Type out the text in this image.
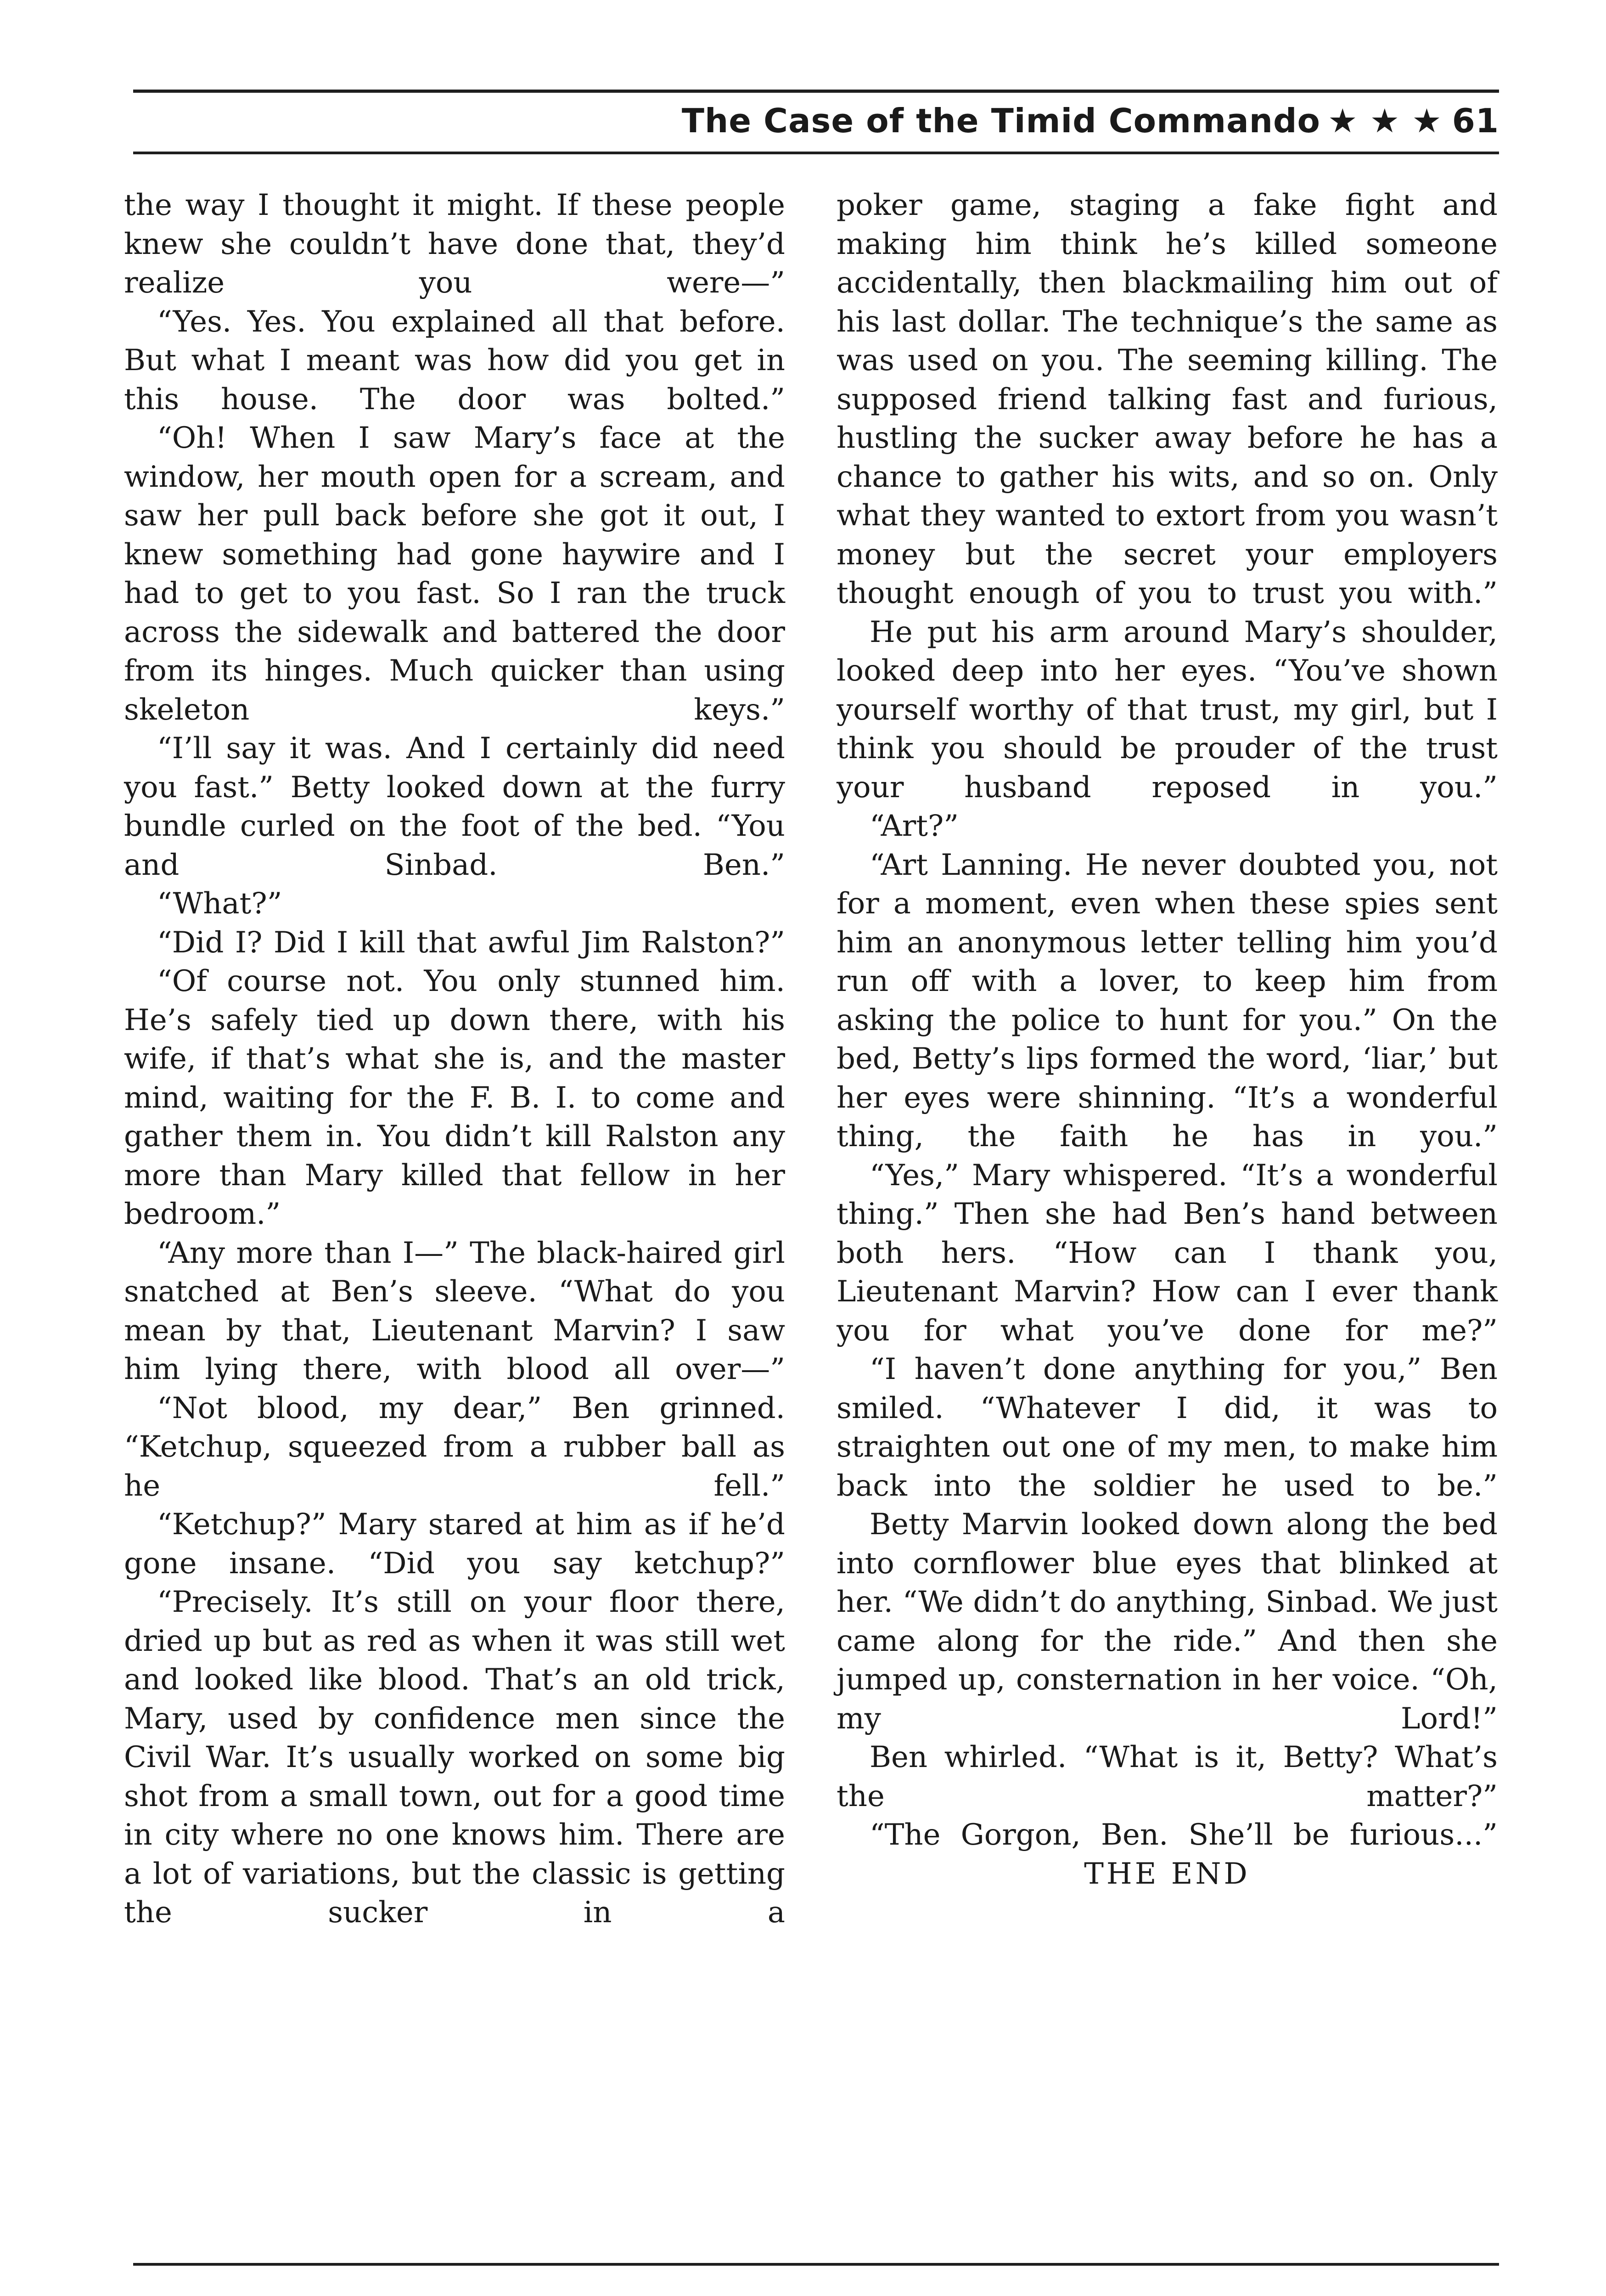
The Case of the Timid Commando ★ ★ ★ 61

the way I thought it might. If these people knew she couldn’t have done that, they’d realize you were—”

“Yes. Yes. You explained all that before. But what I meant was how did you get in this house. The door was bolted.”

“Oh! When I saw Mary’s face at the window, her mouth open for a scream, and saw her pull back before she got it out, I knew something had gone haywire and I had to get to you fast. So I ran the truck across the sidewalk and battered the door from its hinges. Much quicker than using skeleton keys.”

“I’ll say it was. And I certainly did need you fast.” Betty looked down at the furry bundle curled on the foot of the bed. “You and Sinbad. Ben.”

“What?”

“Did I? Did I kill that awful Jim Ralston?”

“Of course not. You only stunned him. He’s safely tied up down there, with his wife, if that’s what she is, and the master mind, waiting for the F. B. I. to come and gather them in. You didn’t kill Ralston any more than Mary killed that fellow in her bedroom.”

“Any more than I—” The black-haired girl snatched at Ben’s sleeve. “What do you mean by that, Lieutenant Marvin? I saw him lying there, with blood all over—”

“Not blood, my dear,” Ben grinned. “Ketchup, squeezed from a rubber ball as he fell.”

“Ketchup?” Mary stared at him as if he’d gone insane. “Did you say ketchup?”

“Precisely. It’s still on your floor there, dried up but as red as when it was still wet and looked like blood. That’s an old trick, Mary, used by confidence men since the Civil War. It’s usually worked on some big shot from a small town, out for a good time in city where no one knows him. There are a lot of variations, but the classic is getting the sucker in a

poker game, staging a fake fight and making him think he’s killed someone accidentally, then blackmailing him out of his last dollar. The technique’s the same as was used on you. The seeming killing. The supposed friend talking fast and furious, hustling the sucker away before he has a chance to gather his wits, and so on. Only what they wanted to extort from you wasn’t money but the secret your employers thought enough of you to trust you with.”

He put his arm around Mary’s shoulder, looked deep into her eyes. “You’ve shown yourself worthy of that trust, my girl, but I think you should be prouder of the trust your husband reposed in you.”

“Art?”

“Art Lanning. He never doubted you, not for a moment, even when these spies sent him an anonymous letter telling him you’d run off with a lover, to keep him from asking the police to hunt for you.” On the bed, Betty’s lips formed the word, ‘liar,’ but her eyes were shinning. “It’s a wonderful thing, the faith he has in you.”

“Yes,” Mary whispered. “It’s a wonderful thing.” Then she had Ben’s hand between both hers. “How can I thank you, Lieutenant Marvin? How can I ever thank you for what you’ve done for me?”

“I haven’t done anything for you,” Ben smiled. “Whatever I did, it was to straighten out one of my men, to make him back into the soldier he used to be.”

Betty Marvin looked down along the bed into cornflower blue eyes that blinked at her. “We didn’t do anything, Sinbad. We just came along for the ride.” And then she jumped up, consternation in her voice. “Oh, my Lord!”

Ben whirled. “What is it, Betty? What’s the matter?”

“The Gorgon, Ben. She’ll be furious...”

THE END
